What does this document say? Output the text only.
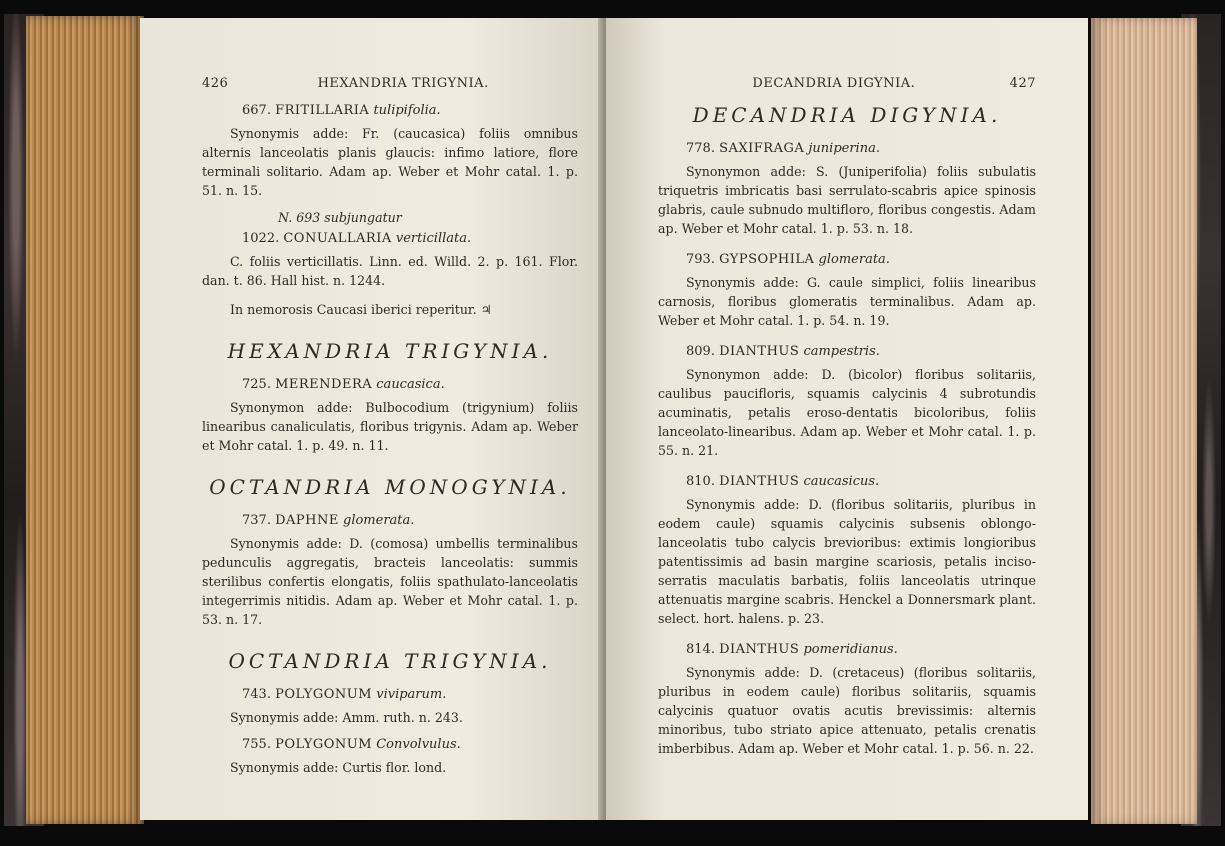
426	HEXANDRIA TRIGYNIA.
667. FRITILLARIA tulipifolia.
Synonymis adde: Fr. (caucasica) foliis omnibus alternis lanceolatis planis glaucis: infimo latiore, flore terminali solitario. Adam ap. Weber et Mohr catal. 1. p. 51. n. 15.
N. 693 subjungatur
1022. CONUALLARIA verticillata.
C. foliis verticillatis. Linn. ed. Willd. 2. p. 161. Flor. dan. t. 86. Hall hist. n. 1244.
In nemorosis Caucasi iberici reperitur. ♃
HEXANDRIA TRIGYNIA.
725. MERENDERA caucasica.
Synonymon adde: Bulbocodium (trigynium) foliis linearibus canaliculatis, floribus trigynis. Adam ap. Weber et Mohr catal. 1. p. 49. n. 11.
OCTANDRIA MONOGYNIA.
737. DAPHNE glomerata.
Synonymis adde: D. (comosa) umbellis terminalibus pedunculis aggregatis, bracteis lanceolatis: summis sterilibus confertis elongatis, foliis spathulato-lanceolatis integerrimis nitidis. Adam ap. Weber et Mohr catal. 1. p. 53. n. 17.
OCTANDRIA TRIGYNIA.
743. POLYGONUM viviparum.
Synonymis adde: Amm. ruth. n. 243.
755. POLYGONUM Convolvulus.
Synonymis adde: Curtis flor. lond.
DECANDRIA DIGYNIA.	427
DECANDRIA DIGYNIA.
778. SAXIFRAGA juniperina.
Synonymon adde: S. (Juniperifolia) foliis subulatis triquetris imbricatis basi serrulato-scabris apice spinosis glabris, caule subnudo multifloro, floribus congestis. Adam ap. Weber et Mohr catal. 1. p. 53. n. 18.
793. GYPSOPHILA glomerata.
Synonymis adde: G. caule simplici, foliis linearibus carnosis, floribus glomeratis terminalibus. Adam ap. Weber et Mohr catal. 1. p. 54. n. 19.
809. DIANTHUS campestris.
Synonymon adde: D. (bicolor) floribus solitariis, caulibus paucifloris, squamis calycinis 4 subrotundis acuminatis, petalis eroso-dentatis bicoloribus, foliis lanceolato-linearibus. Adam ap. Weber et Mohr catal. 1. p. 55. n. 21.
810. DIANTHUS caucasicus.
Synonymis adde: D. (floribus solitariis, pluribus in eodem caule) squamis calycinis subsenis oblongo-lanceolatis tubo calycis brevioribus: extimis longioribus patentissimis ad basin margine scariosis, petalis inciso-serratis maculatis barbatis, foliis lanceolatis utrinque attenuatis margine scabris. Henckel a Donnersmark plant. select. hort. halens. p. 23.
814. DIANTHUS pomeridianus.
Synonymis adde: D. (cretaceus) (floribus solitariis, pluribus in eodem caule) floribus solitariis, squamis calycinis quatuor ovatis acutis brevissimis: alternis minoribus, tubo striato apice attenuato, petalis crenatis imberbibus. Adam ap. Weber et Mohr catal. 1. p. 56. n. 22.
